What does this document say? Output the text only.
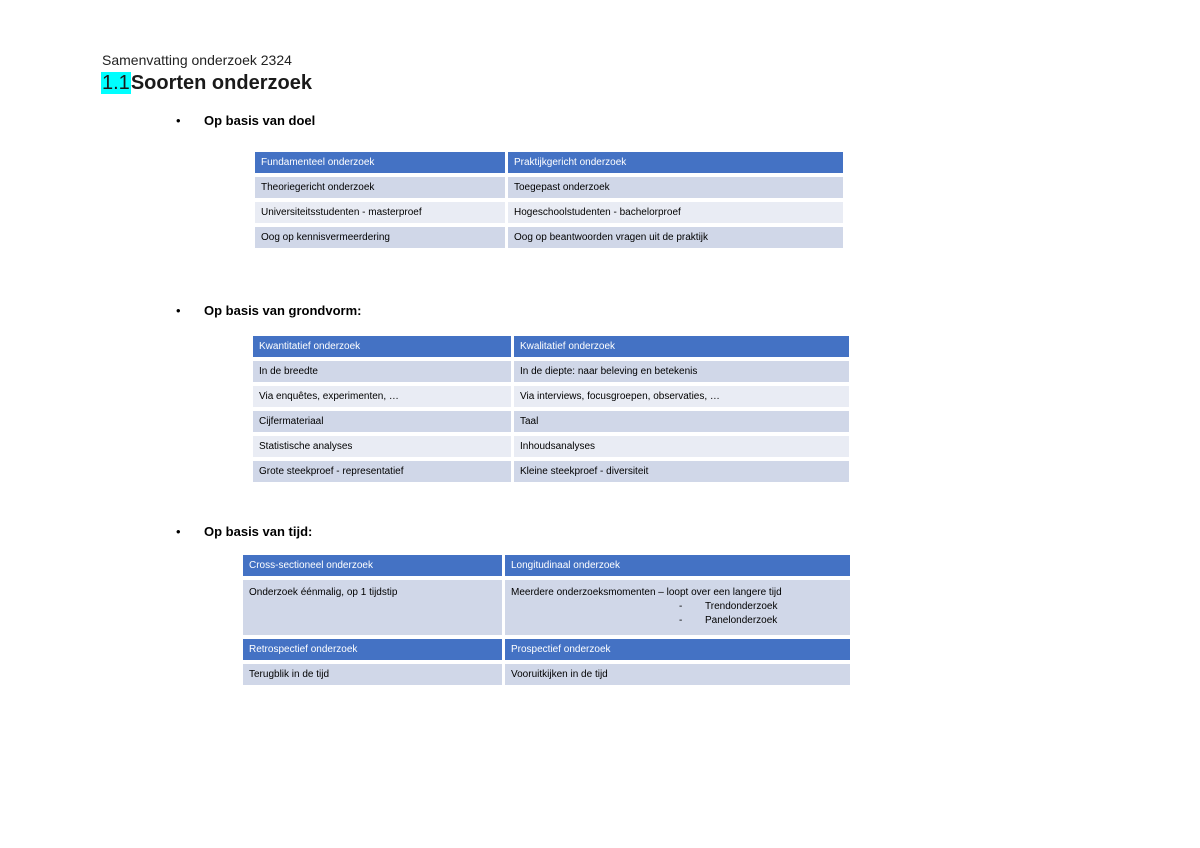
Samenvatting onderzoek 2324
1.1Soorten onderzoek
• Op basis van doel
Fundamenteel onderzoek	Praktijkgericht onderzoek
Theoriegericht onderzoek	Toegepast onderzoek
Universiteitsstudenten - masterproef	Hogeschoolstudenten - bachelorproef
Oog op kennisvermeerdering	Oog op beantwoorden vragen uit de praktijk
• Op basis van grondvorm:
Kwantitatief onderzoek	Kwalitatief onderzoek
In de breedte	In de diepte: naar beleving en betekenis
Via enquêtes, experimenten, …	Via interviews, focusgroepen, observaties, …
Cijfermateriaal	Taal
Statistische analyses	Inhoudsanalyses
Grote steekproef - representatief	Kleine steekproef - diversiteit
• Op basis van tijd:
Cross-sectioneel onderzoek	Longitudinaal onderzoek
Onderzoek éénmalig, op 1 tijdstip	Meerdere onderzoeksmomenten – loopt over een langere tijd
- Trendonderzoek
- Panelonderzoek

Retrospectief onderzoek	Prospectief onderzoek
Terugblik in de tijd	Vooruitkijken in de tijd
